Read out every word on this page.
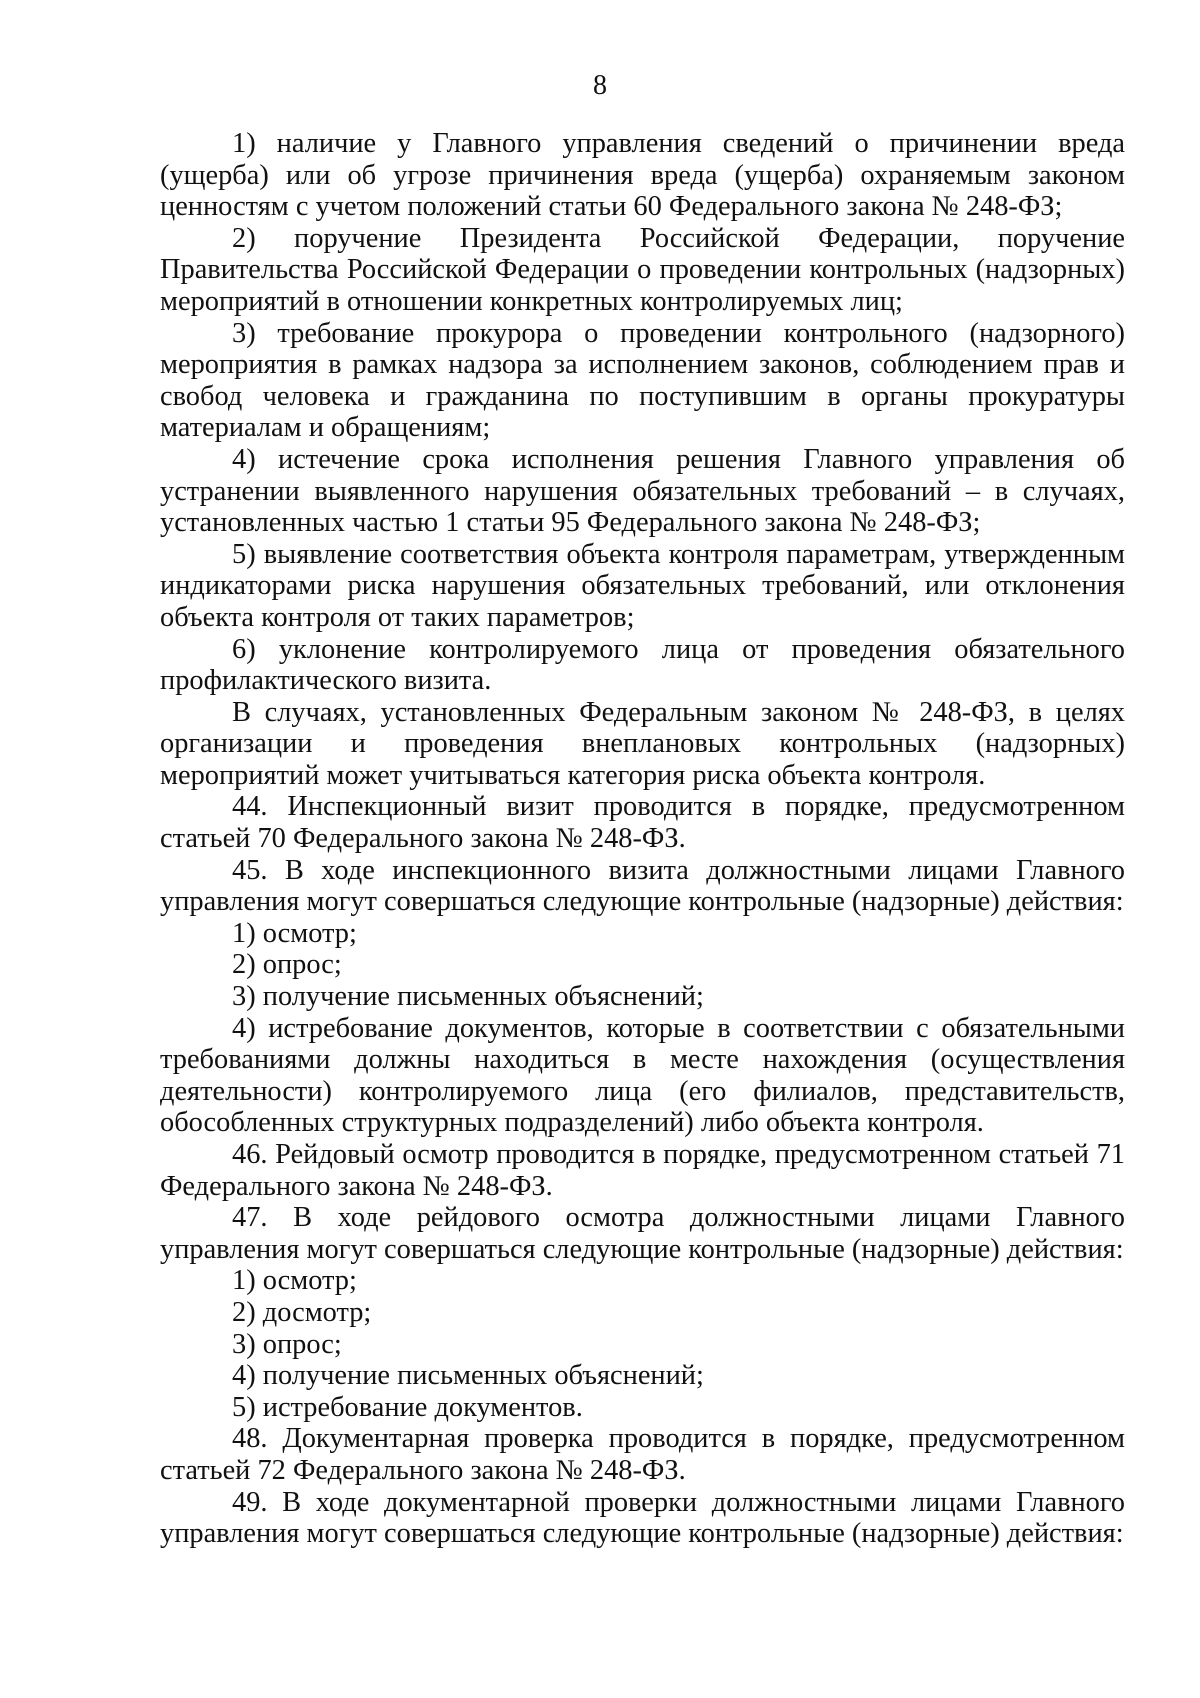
8

1) наличие у Главного управления сведений о причинении вреда (ущерба) или об угрозе причинения вреда (ущерба) охраняемым законом ценностям с учетом положений статьи 60 Федерального закона № 248-ФЗ;

2) поручение Президента Российской Федерации, поручение Правительства Российской Федерации о проведении контрольных (надзорных) мероприятий в отношении конкретных контролируемых лиц;

3) требование прокурора о проведении контрольного (надзорного) мероприятия в рамках надзора за исполнением законов, соблюдением прав и свобод человека и гражданина по поступившим в органы прокуратуры материалам и обращениям;

4) истечение срока исполнения решения Главного управления об устранении выявленного нарушения обязательных требований – в случаях, установленных частью 1 статьи 95 Федерального закона № 248-ФЗ;

5) выявление соответствия объекта контроля параметрам, утвержденным индикаторами риска нарушения обязательных требований, или отклонения объекта контроля от таких параметров;

6) уклонение контролируемого лица от проведения обязательного профилактического визита.

В случаях, установленных Федеральным законом № 248-ФЗ, в целях организации и проведения внеплановых контрольных (надзорных) мероприятий может учитываться категория риска объекта контроля.

44. Инспекционный визит проводится в порядке, предусмотренном статьей 70 Федерального закона № 248-ФЗ.

45. В ходе инспекционного визита должностными лицами Главного управления могут совершаться следующие контрольные (надзорные) действия:

1) осмотр;

2) опрос;

3) получение письменных объяснений;

4) истребование документов, которые в соответствии с обязательными требованиями должны находиться в месте нахождения (осуществления деятельности) контролируемого лица (его филиалов, представительств, обособленных структурных подразделений) либо объекта контроля.

46. Рейдовый осмотр проводится в порядке, предусмотренном статьей 71 Федерального закона № 248-ФЗ.

47. В ходе рейдового осмотра должностными лицами Главного управления могут совершаться следующие контрольные (надзорные) действия:

1) осмотр;

2) досмотр;

3) опрос;

4) получение письменных объяснений;

5) истребование документов.

48. Документарная проверка проводится в порядке, предусмотренном статьей 72 Федерального закона № 248-ФЗ.

49. В ходе документарной проверки должностными лицами Главного управления могут совершаться следующие контрольные (надзорные) действия:
